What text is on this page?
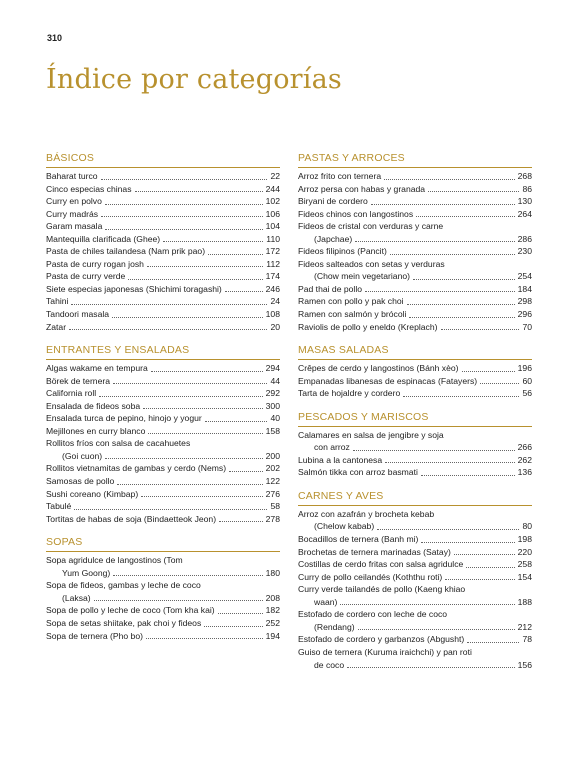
310
Índice por categorías
BÁSICOS
Baharat turco	22
Cinco especias chinas	244
Curry en polvo	102
Curry madrás	106
Garam masala	104
Mantequilla clarificada (Ghee)	110
Pasta de chiles tailandesa (Nam prik pao)	172
Pasta de curry rogan josh	112
Pasta de curry verde	174
Siete especias japonesas (Shichimi toragashi)	246
Tahini	24
Tandoori masala	108
Zatar	20
ENTRANTES Y ENSALADAS
Algas wakame en tempura	294
Börek de ternera	44
California roll	292
Ensalada de fideos soba	300
Ensalada turca de pepino, hinojo y yogur	40
Mejillones en curry blanco	158
Rollitos fríos con salsa de cacahuetes
(Goi cuon)	200
Rollitos vietnamitas de gambas y cerdo (Nems)	202
Samosas de pollo	122
Sushi coreano (Kimbap)	276
Tabulé	58
Tortitas de habas de soja (Bindaetteok Jeon)	278
SOPAS
Sopa agridulce de langostinos (Tom
Yum Goong)	180
Sopa de fideos, gambas y leche de coco
(Laksa)	208
Sopa de pollo y leche de coco (Tom kha kai)	182
Sopa de setas shiitake, pak choi y fideos	252
Sopa de ternera (Pho bo)	194
PASTAS Y ARROCES
Arroz frito con ternera	268
Arroz persa con habas y granada	86
Biryani de cordero	130
Fideos chinos con langostinos	264
Fideos de cristal con verduras y carne
(Japchae)	286
Fideos filipinos (Pancit)	230
Fideos salteados con setas y verduras
(Chow mein vegetariano)	254
Pad thai de pollo	184
Ramen con pollo y pak choi	298
Ramen con salmón y brócoli	296
Raviolis de pollo y eneldo (Kreplach)	70
MASAS SALADAS
Crêpes de cerdo y langostinos (Bánh xèo)	196
Empanadas libanesas de espinacas (Fatayers)	60
Tarta de hojaldre y cordero	56
PESCADOS Y MARISCOS
Calamares en salsa de jengibre y soja
con arroz	266
Lubina a la cantonesa	262
Salmón tikka con arroz basmati	136
CARNES Y AVES
Arroz con azafrán y brocheta kebab
(Chelow kabab)	80
Bocadillos de ternera (Banh mi)	198
Brochetas de ternera marinadas (Satay)	220
Costillas de cerdo fritas con salsa agridulce	258
Curry de pollo ceilandés (Koththu roti)	154
Curry verde tailandés de pollo (Kaeng khiao
waan)	188
Estofado de cordero con leche de coco
(Rendang)	212
Estofado de cordero y garbanzos (Abgusht)	78
Guiso de ternera (Kuruma iraichchi) y pan roti
de coco	156
